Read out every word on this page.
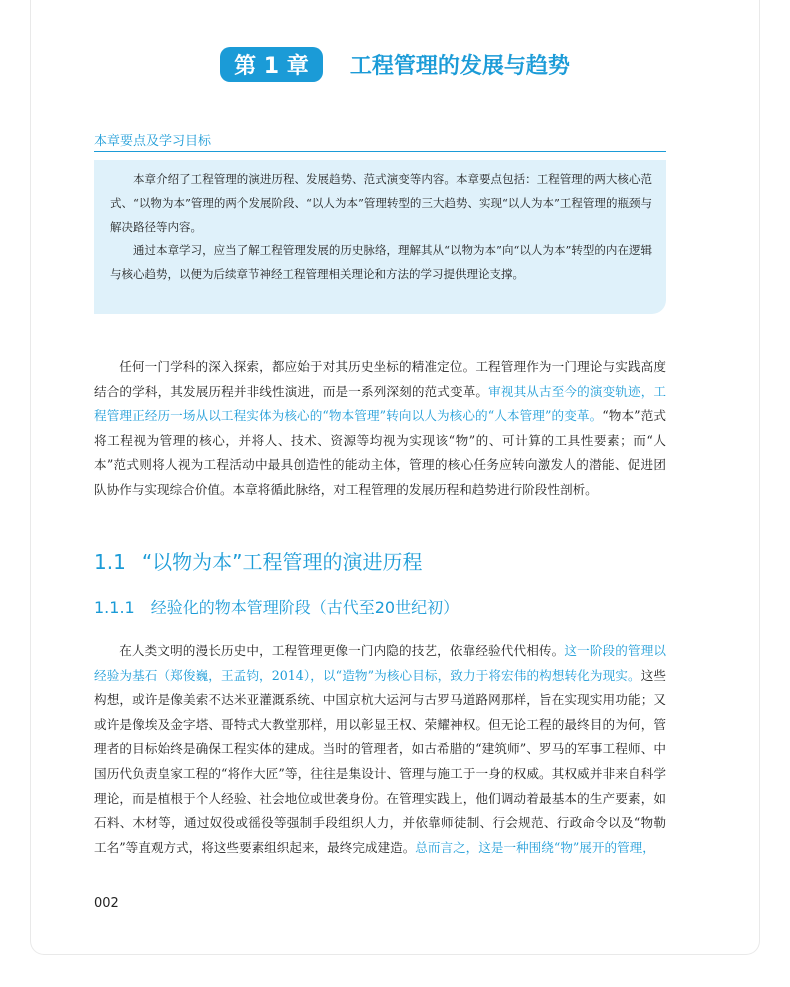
第 1 章 工程管理的发展与趋势
本章要点及学习目标

本章介绍了工程管理的演进历程、发展趋势、范式演变等内容。本章要点包括：工程管理的两大核心范式、“以物为本”管理的两个发展阶段、“以人为本”管理转型的三大趋势、实现“以人为本”工程管理的瓶颈与解决路径等内容。

通过本章学习，应当了解工程管理发展的历史脉络，理解其从“以物为本”向“以人为本”转型的内在逻辑与核心趋势，以便为后续章节神经工程管理相关理论和方法的学习提供理论支撑。

任何一门学科的深入探索，都应始于对其历史坐标的精准定位。工程管理作为一门理论与实践高度结合的学科，其发展历程并非线性演进，而是一系列深刻的范式变革。审视其从古至今的演变轨迹，工程管理正经历一场从以工程实体为核心的“物本管理”转向以人为核心的“人本管理”的变革。“物本”范式将工程视为管理的核心，并将人、技术、资源等均视为实现该“物”的、可计算的工具性要素；而“人本”范式则将人视为工程活动中最具创造性的能动主体，管理的核心任务应转向激发人的潜能、促进团队协作与实现综合价值。本章将循此脉络，对工程管理的发展历程和趋势进行阶段性剖析。

1.1 “以物为本”工程管理的演进历程
1.1.1 经验化的物本管理阶段（古代至20世纪初）

在人类文明的漫长历史中，工程管理更像一门内隐的技艺，依靠经验代代相传。这一阶段的管理以经验为基石（郑俊巍，王孟钧，2014），以“造物”为核心目标，致力于将宏伟的构想转化为现实。这些构想，或许是像美索不达米亚灌溉系统、中国京杭大运河与古罗马道路网那样，旨在实现实用功能；又或许是像埃及金字塔、哥特式大教堂那样，用以彰显王权、荣耀神权。但无论工程的最终目的为何，管理者的目标始终是确保工程实体的建成。当时的管理者，如古希腊的“建筑师”、罗马的军事工程师、中国历代负责皇家工程的“将作大匠”等，往往是集设计、管理与施工于一身的权威。其权威并非来自科学理论，而是植根于个人经验、社会地位或世袭身份。在管理实践上，他们调动着最基本的生产要素，如石料、木材等，通过奴役或徭役等强制手段组织人力，并依靠师徒制、行会规范、行政命令以及“物勒工名”等直观方式，将这些要素组织起来，最终完成建造。总而言之，这是一种围绕“物”展开的管理，

002
